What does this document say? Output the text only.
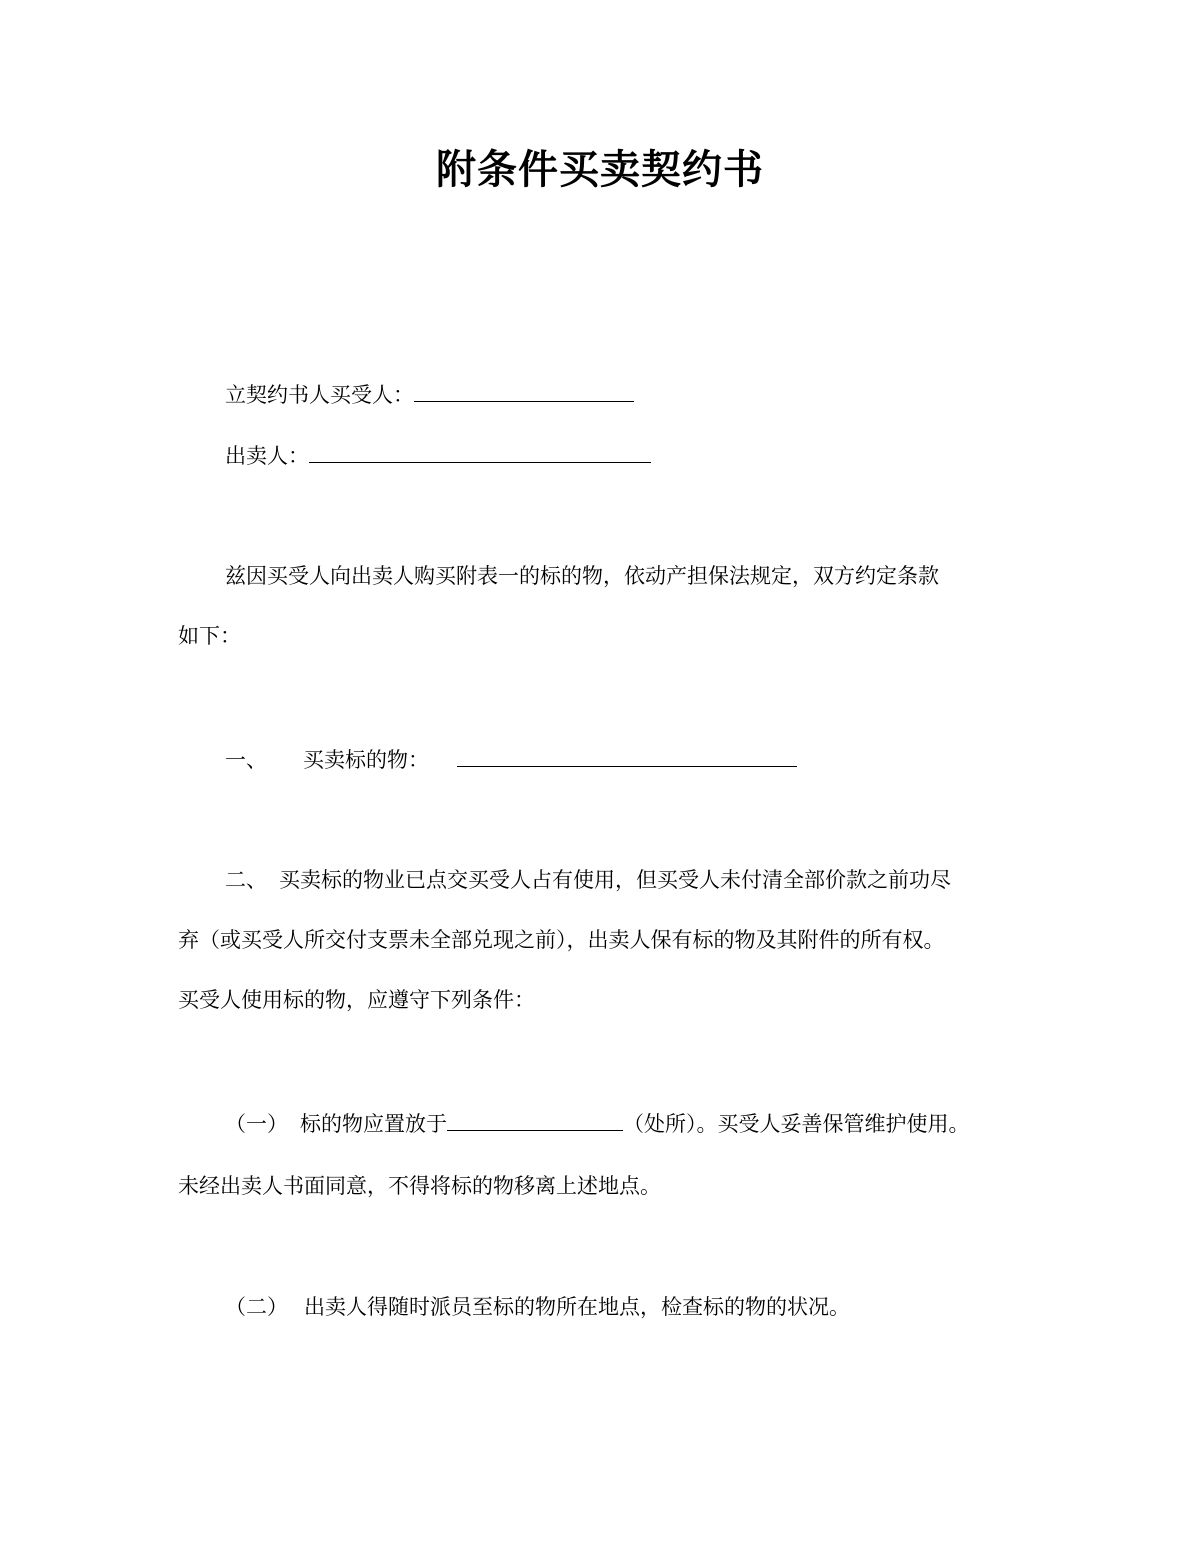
附条件买卖契约书
立契约书人买受人：
出卖人：
兹因买受人向出卖人购买附表一的标的物，依动产担保法规定，双方约定条款
如下：
一、 买卖标的物：
二、 买卖标的物业已点交买受人占有使用，但买受人未付清全部价款之前功尽
弃（或买受人所交付支票未全部兑现之前），出卖人保有标的物及其附件的所有权。
买受人使用标的物，应遵守下列条件：
（一） 标的物应置放于	（处所）。买受人妥善保管维护使用。
未经出卖人书面同意，不得将标的物移离上述地点。
（二） 出卖人得随时派员至标的物所在地点，检查标的物的状况。
